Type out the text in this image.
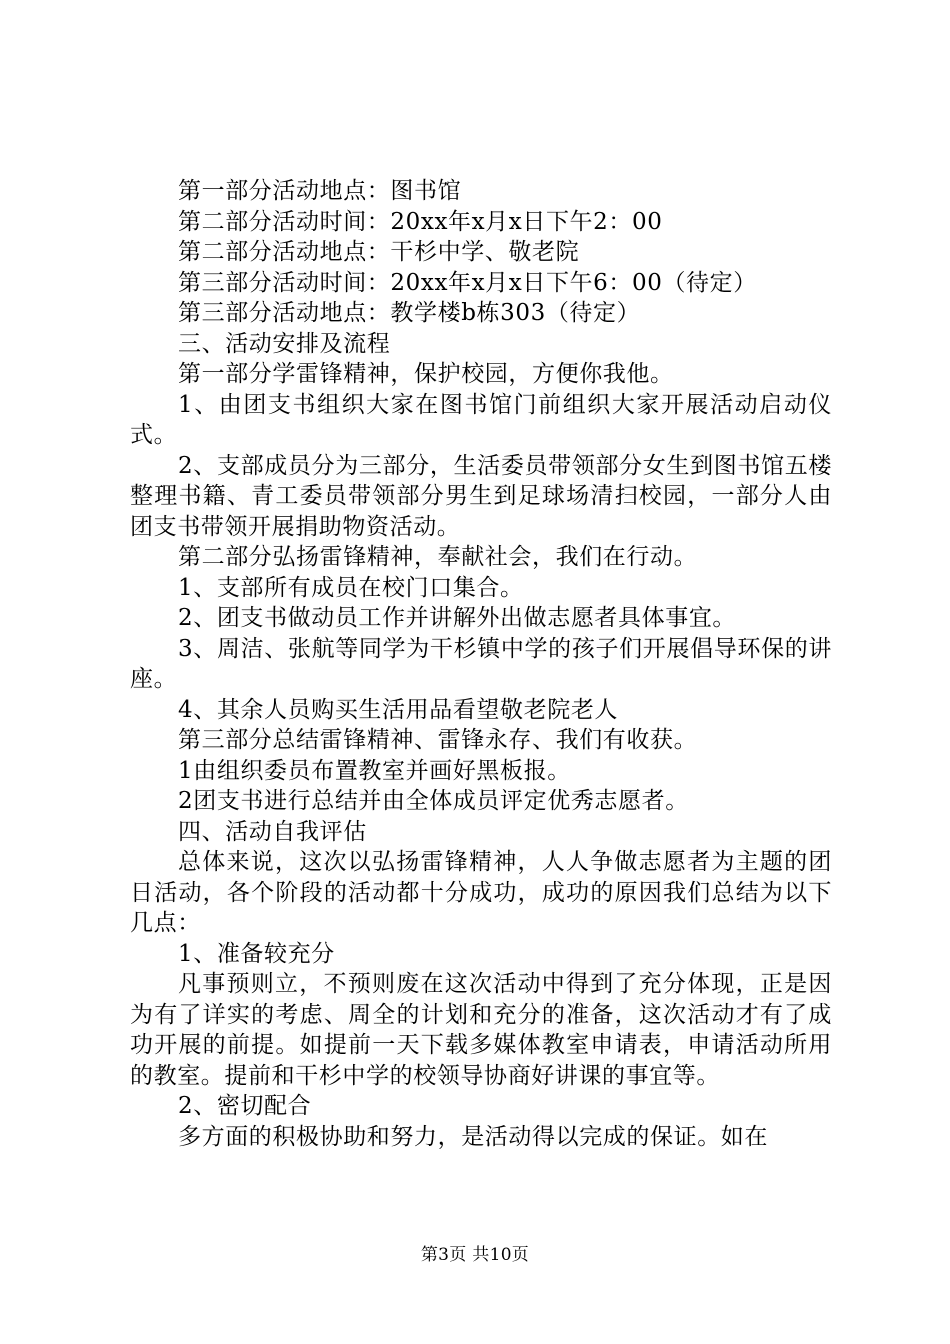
第一部分活动地点：图书馆

第二部分活动时间：20xx年x月x日下午2：00

第二部分活动地点：干杉中学、敬老院

第三部分活动时间：20xx年x月x日下午6：00（待定）

第三部分活动地点：教学楼b栋303（待定）

三、活动安排及流程

第一部分学雷锋精神，保护校园，方便你我他。

1、由团支书组织大家在图书馆门前组织大家开展活动启动仪式。

2、支部成员分为三部分，生活委员带领部分女生到图书馆五楼整理书籍、青工委员带领部分男生到足球场清扫校园，一部分人由团支书带领开展捐助物资活动。

第二部分弘扬雷锋精神，奉献社会，我们在行动。

1、支部所有成员在校门口集合。

2、团支书做动员工作并讲解外出做志愿者具体事宜。

3、周洁、张航等同学为干杉镇中学的孩子们开展倡导环保的讲座。

4、其余人员购买生活用品看望敬老院老人

第三部分总结雷锋精神、雷锋永存、我们有收获。

1由组织委员布置教室并画好黑板报。

2团支书进行总结并由全体成员评定优秀志愿者。

四、活动自我评估

总体来说，这次以弘扬雷锋精神，人人争做志愿者为主题的团日活动，各个阶段的活动都十分成功，成功的原因我们总结为以下几点：

1、准备较充分

凡事预则立，不预则废在这次活动中得到了充分体现，正是因为有了详实的考虑、周全的计划和充分的准备，这次活动才有了成功开展的前提。如提前一天下载多媒体教室申请表，申请活动所用的教室。提前和干杉中学的校领导协商好讲课的事宜等。

2、密切配合

多方面的积极协助和努力，是活动得以完成的保证。如在

第3页 共10页
